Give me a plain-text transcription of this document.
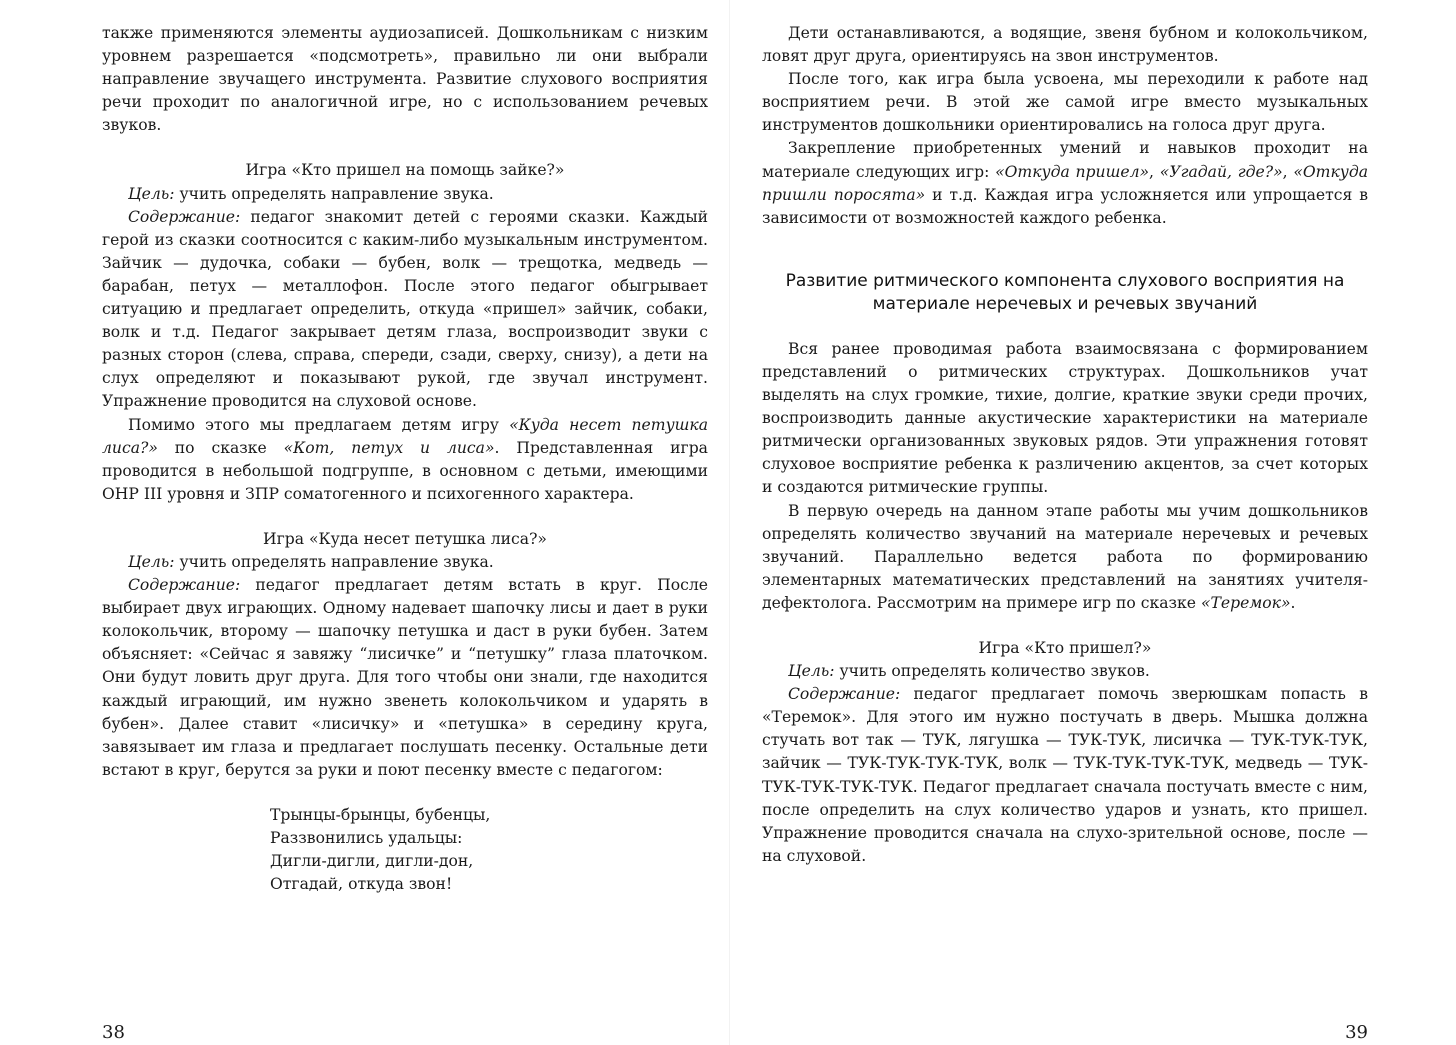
также применяются элементы аудиозаписей. Дошкольникам с низким уровнем разрешается «подсмотреть», правильно ли они выбрали направление звучащего инструмента. Развитие слухового восприятия речи проходит по аналогичной игре, но с использованием речевых звуков.

Игра «Кто пришел на помощь зайке?»

Цель: учить определять направление звука.

Содержание: педагог знакомит детей с героями сказки. Каждый герой из сказки соотносится с каким-либо музыкальным инструментом. Зайчик — дудочка, собаки — бубен, волк — трещотка, медведь — барабан, петух — металлофон. После этого педагог обыгрывает ситуацию и предлагает определить, откуда «пришел» зайчик, собаки, волк и т.д. Педагог закрывает детям глаза, воспроизводит звуки с разных сторон (слева, справа, спереди, сзади, сверху, снизу), а дети на слух определяют и показывают рукой, где звучал инструмент. Упражнение проводится на слуховой основе.

Помимо этого мы предлагаем детям игру «Куда несет петушка лиса?» по сказке «Кот, петух и лиса». Представленная игра проводится в небольшой подгруппе, в основном с детьми, имеющими ОНР III уровня и ЗПР соматогенного и психогенного характера.

Игра «Куда несет петушка лиса?»

Цель: учить определять направление звука.

Содержание: педагог предлагает детям встать в круг. После выбирает двух играющих. Одному надевает шапочку лисы и дает в руки колокольчик, второму — шапочку петушка и даст в руки бубен. Затем объясняет: «Сейчас я завяжу “лисичке” и “петушку” глаза платочком. Они будут ловить друг друга. Для того чтобы они знали, где находится каждый играющий, им нужно звенеть колокольчиком и ударять в бубен». Далее ставит «лисичку» и «петушка» в середину круга, завязывает им глаза и предлагает послушать песенку. Остальные дети встают в круг, берутся за руки и поют песенку вместе с педагогом:

Трынцы-брынцы, бубенцы,
Раззвонились удальцы:
Дигли-дигли, дигли-дон,
Отгадай, откуда звон!

Дети останавливаются, а водящие, звеня бубном и колокольчиком, ловят друг друга, ориентируясь на звон инструментов.

После того, как игра была усвоена, мы переходили к работе над восприятием речи. В этой же самой игре вместо музыкальных инструментов дошкольники ориентировались на голоса друг друга.

Закрепление приобретенных умений и навыков проходит на материале следующих игр: «Откуда пришел», «Угадай, где?», «Откуда пришли поросята» и т.д. Каждая игра усложняется или упрощается в зависимости от возможностей каждого ребенка.

Развитие ритмического компонента слухового восприятия на материале неречевых и речевых звучаний

Вся ранее проводимая работа взаимосвязана с формированием представлений о ритмических структурах. Дошкольников учат выделять на слух громкие, тихие, долгие, краткие звуки среди прочих, воспроизводить данные акустические характеристики на материале ритмически организованных звуковых рядов. Эти упражнения готовят слуховое восприятие ребенка к различению акцентов, за счет которых и создаются ритмические группы.

В первую очередь на данном этапе работы мы учим дошкольников определять количество звучаний на материале неречевых и речевых звучаний. Параллельно ведется работа по формированию элементарных математических представлений на занятиях учителя-дефектолога. Рассмотрим на примере игр по сказке «Теремок».

Игра «Кто пришел?»

Цель: учить определять количество звуков.

Содержание: педагог предлагает помочь зверюшкам попасть в «Теремок». Для этого им нужно постучать в дверь. Мышка должна стучать вот так — ТУК, лягушка — ТУК-ТУК, лисичка — ТУК-ТУК-ТУК, зайчик — ТУК-ТУК-ТУК-ТУК, волк — ТУК-ТУК-ТУК-ТУК, медведь — ТУК-ТУК-ТУК-ТУК-ТУК. Педагог предлагает сначала постучать вместе с ним, после определить на слух количество ударов и узнать, кто пришел. Упражнение проводится сначала на слухо-зрительной основе, после — на слуховой.

38	39
